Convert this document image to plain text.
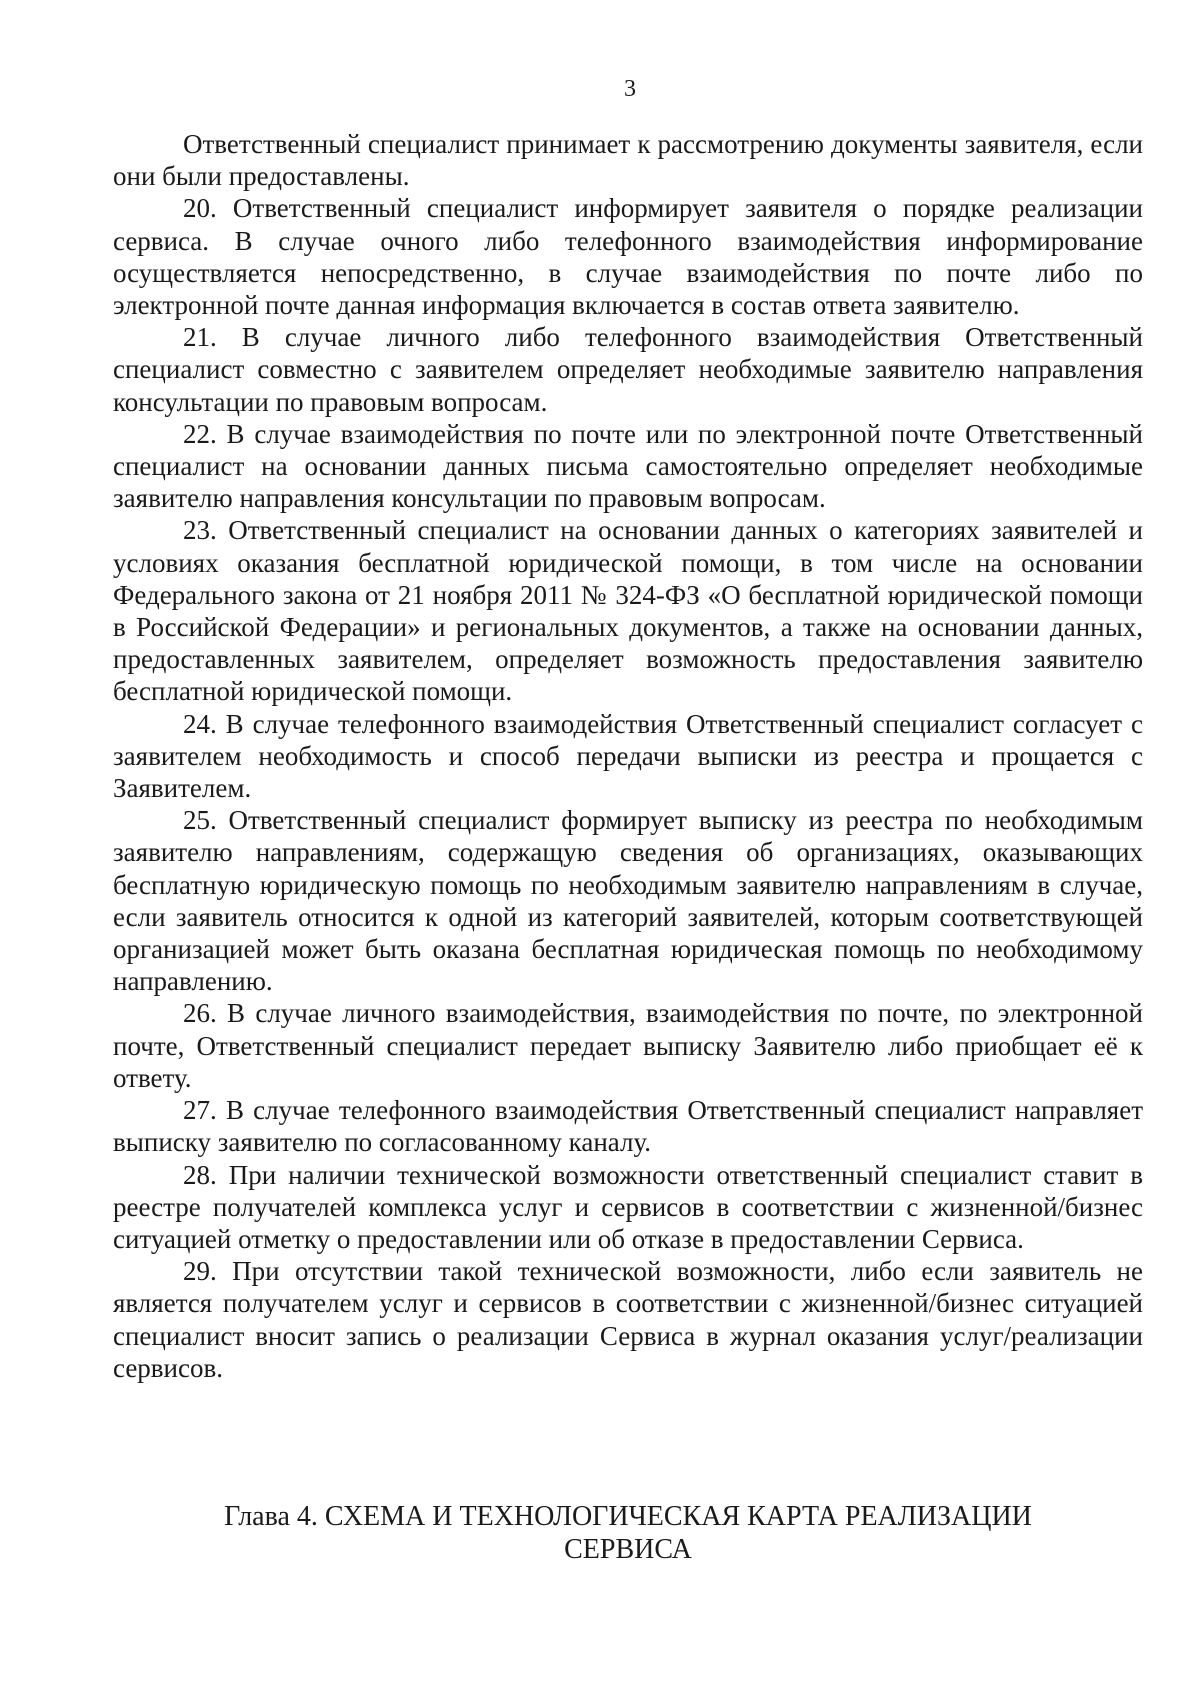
3

Ответственный специалист принимает к рассмотрению документы заявителя, если они были предоставлены.

20. Ответственный специалист информирует заявителя о порядке реализации сервиса. В случае очного либо телефонного взаимодействия информирование осуществляется непосредственно, в случае взаимодействия по почте либо по электронной почте данная информация включается в состав ответа заявителю.

21. В случае личного либо телефонного взаимодействия Ответственный специалист совместно с заявителем определяет необходимые заявителю направления консультации по правовым вопросам.

22. В случае взаимодействия по почте или по электронной почте Ответственный специалист на основании данных письма самостоятельно определяет необходимые заявителю направления консультации по правовым вопросам.

23. Ответственный специалист на основании данных о категориях заявителей и условиях оказания бесплатной юридической помощи, в том числе на основании Федерального закона от 21 ноября 2011 № 324-ФЗ «О бесплатной юридической помощи в Российской Федерации» и региональных документов, а также на основании данных, предоставленных заявителем, определяет возможность предоставления заявителю бесплатной юридической помощи.

24. В случае телефонного взаимодействия Ответственный специалист согласует с заявителем необходимость и способ передачи выписки из реестра и прощается с Заявителем.

25. Ответственный специалист формирует выписку из реестра по необходимым заявителю направлениям, содержащую сведения об организациях, оказывающих бесплатную юридическую помощь по необходимым заявителю направлениям в случае, если заявитель относится к одной из категорий заявителей, которым соответствующей организацией может быть оказана бесплатная юридическая помощь по необходимому направлению.

26. В случае личного взаимодействия, взаимодействия по почте, по электронной почте, Ответственный специалист передает выписку Заявителю либо приобщает её к ответу.

27. В случае телефонного взаимодействия Ответственный специалист направляет выписку заявителю по согласованному каналу.

28. При наличии технической возможности ответственный специалист ставит в реестре получателей комплекса услуг и сервисов в соответствии с жизненной/бизнес ситуацией отметку о предоставлении или об отказе в предоставлении Сервиса.

29. При отсутствии такой технической возможности, либо если заявитель не является получателем услуг и сервисов в соответствии с жизненной/бизнес ситуацией специалист вносит запись о реализации Сервиса в журнал оказания услуг/реализации сервисов.

Глава 4. СХЕМА И ТЕХНОЛОГИЧЕСКАЯ КАРТА РЕАЛИЗАЦИИ
СЕРВИСА
